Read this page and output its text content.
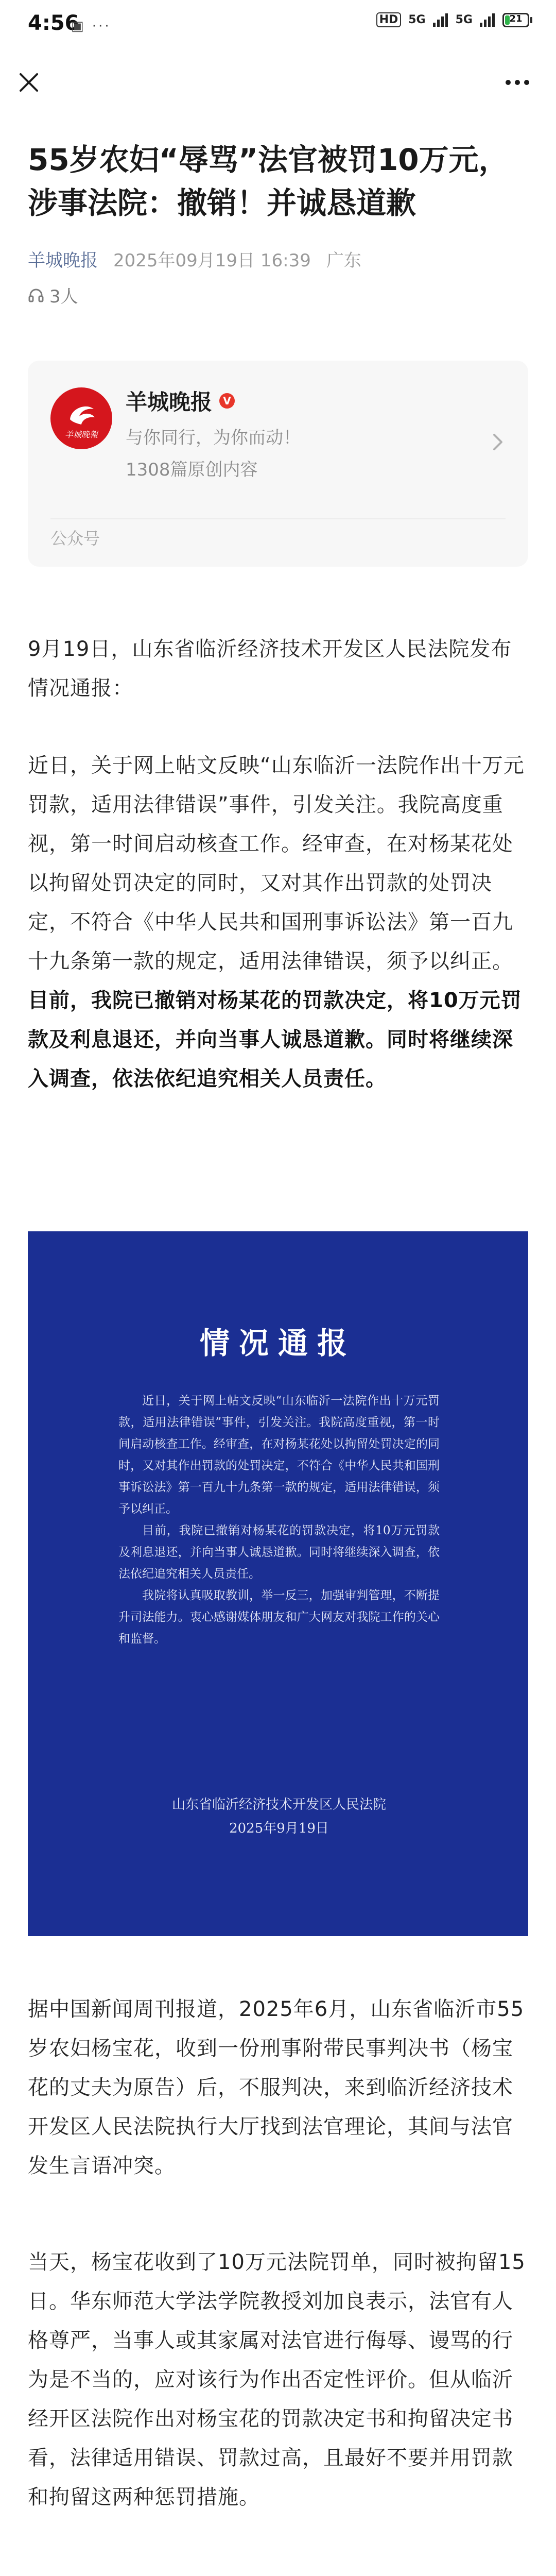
4:56
▣ ···	HD 5G	5G	21
55岁农妇“辱骂”法官被罚10万元，涉事法院：撤销！并诚恳道歉
羊城晚报 2025年09月19日 16:39 广东
3人
羊城晚報
羊城晚报	V
与你同行，为你而动！
1308篇原创内容
公众号
9月19日，山东省临沂经济技术开发区人民法院发布情况通报：
近日，关于网上帖文反映“山东临沂一法院作出十万元罚款，适用法律错误”事件，引发关注。我院高度重视，第一时间启动核查工作。经审查，在对杨某花处以拘留处罚决定的同时，又对其作出罚款的处罚决定，不符合《中华人民共和国刑事诉讼法》第一百九十九条第一款的规定，适用法律错误，须予以纠正。目前，我院已撤销对杨某花的罚款决定，将10万元罚款及利息退还，并向当事人诚恳道歉。同时将继续深入调查，依法依纪追究相关人员责任。
情况通报

近日，关于网上帖文反映“山东临沂一法院作出十万元罚款，适用法律错误”事件，引发关注。我院高度重视，第一时间启动核查工作。经审查，在对杨某花处以拘留处罚决定的同时，又对其作出罚款的处罚决定，不符合《中华人民共和国刑事诉讼法》第一百九十九条第一款的规定，适用法律错误，须予以纠正。

目前，我院已撤销对杨某花的罚款决定，将10万元罚款及利息退还，并向当事人诚恳道歉。同时将继续深入调查，依法依纪追究相关人员责任。

我院将认真吸取教训，举一反三，加强审判管理，不断提升司法能力。衷心感谢媒体朋友和广大网友对我院工作的关心和监督。

山东省临沂经济技术开发区人民法院
2025年9月19日
据中国新闻周刊报道，2025年6月，山东省临沂市55岁农妇杨宝花，收到一份刑事附带民事判决书（杨宝花的丈夫为原告）后，不服判决，来到临沂经济技术开发区人民法院执行大厅找到法官理论，其间与法官发生言语冲突。
当天，杨宝花收到了10万元法院罚单，同时被拘留15日。华东师范大学法学院教授刘加良表示，法官有人格尊严，当事人或其家属对法官进行侮辱、谩骂的行为是不当的，应对该行为作出否定性评价。但从临沂经开区法院作出对杨宝花的罚款决定书和拘留决定书看，法律适用错误、罚款过高，且最好不要并用罚款和拘留这两种惩罚措施。
